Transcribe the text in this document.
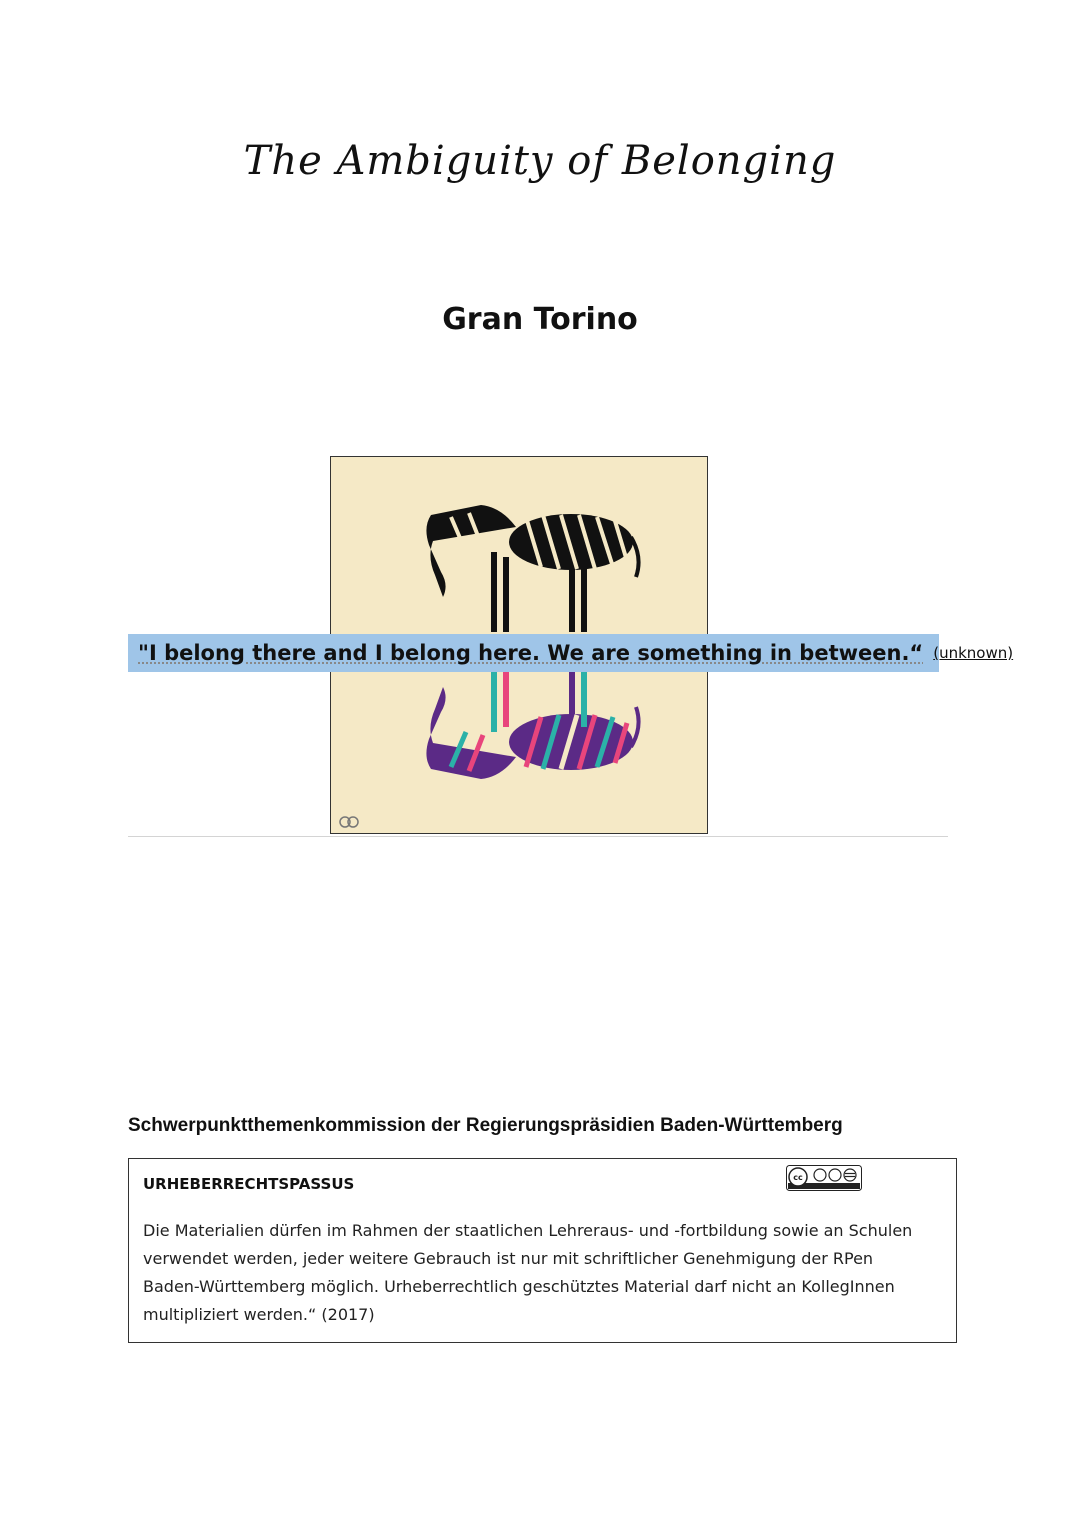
The Ambiguity of Belonging
Gran Torino
"I belong there and I belong here. We are something in between.“ (unknown)
Schwerpunktthemenkommission der Regierungspräsidien Baden-Württemberg
URHEBERRECHTSPASSUS	cc
Die Materialien dürfen im Rahmen der staatlichen Lehreraus- und -fortbildung sowie an Schulen
verwendet werden, jeder weitere Gebrauch ist nur mit schriftlicher Genehmigung der RPen
Baden-Württemberg möglich. Urheberrechtlich geschütztes Material darf nicht an KollegInnen
multipliziert werden.“ (2017)
